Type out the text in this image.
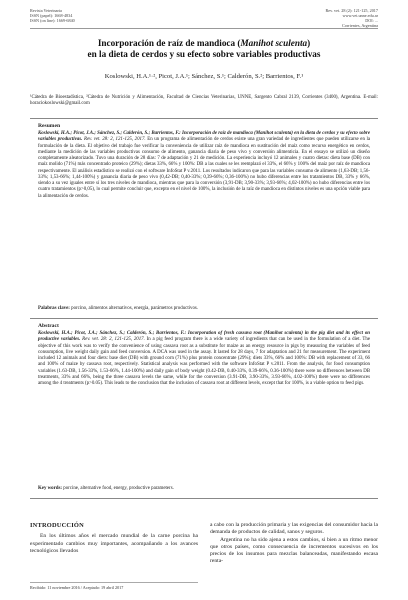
Revista Veterinaria
ISSN (papel): 1668-4834
ISSN (on line): 1669-6840
Rev. vet. 28 (2): 121-125, 2017
www.vet.unne.edu.ar
DOI: ...
Corrientes, Argentina
Incorporación de raíz de mandioca (Manihot sculenta)
en la dieta de cerdos y su efecto sobre variables productivas
Koslowski, H.A.¹·², Picot, J.A.¹; Sánchez, S.¹; Calderón, S.²; Barrientos, F.¹
¹Cátedra de Bioestadística, ²Cátedra de Nutrición y Alimentación, Facultad de Ciencias Veterinarias, UNNE, Sargento Cabral 2139, Corrientes (3400), Argentina. E-mail: horaciokoslowski@gmail.com
Resumen
Koslowski, H.A.; Picot, J.A.; Sánchez, S.; Calderón, S.; Barrientos, F.: Incorporación de raíz de mandioca (Manihot sculenta) en la dieta de cerdos y su efecto sobre variables productivas. Rev. vet. 28: 2, 121-125, 2017. En un programa de alimentación de cerdos existe una gran variedad de ingredientes que pueden utilizarse en la formulación de la dieta. El objetivo del trabajo fue verificar la conveniencia de utilizar raíz de mandioca en sustitución del maíz como recurso energético en cerdos, mediante la medición de las variables productivas consumo de alimento, ganancia diaria de peso vivo y conversión alimenticia. En el ensayo se utilizó un diseño completamente aleatorizado. Tuvo una duración de 28 días: 7 de adaptación y 21 de medición. La experiencia incluyó 12 animales y cuatro dietas: dieta base (DB) con maíz molido (71%) más concentrado proteico (29%); dietas 33%, 66% y 100%: DB a las cuales se les reemplazó el 33%, el 66% y 100% del maíz por raíz de mandioca respectivamente. El análisis estadístico se realizó con el software InfoStat P v.2011. Los resultados indicaron que para las variables consumo de alimento (1,63-DB; 1,56-33%; 1,53-66%; 1,44-100%) y ganancia diaria de peso vivo (0,42-DB; 0,40-33%; 0,39-66%; 0,36-100%) no hubo diferencias entre los tratamientos DB, 33% y 66%, siendo a su vez iguales entre sí los tres niveles de mandioca, mientras que para la conversión (3,91-DB; 3,90-33%; 3,93-66%; 4,02-100%) no hubo diferencias entre los cuatro tratamientos (p>0,05), lo cual permite concluir que, excepto en el nivel de 100%, la inclusión de la raíz de mandioca en distintos niveles es una opción viable para la alimentación de cerdos.
Palabras clave: porcino, alimentos alternativos, energía, parámetros productivos.
Abstract
Koslowski, H.A.; Picot, J.A.; Sánchez, S.; Calderón, S.; Barrientos, F.: Incorporation of fresh cassava root (Manihot sculenta) in the pig diet and its effect on productive variables. Rev. vet. 28: 2, 121-125, 2017. In a pig feed program there is a wide variety of ingredients that can be used in the formulation of a diet. The objective of this work was to verify the convenience of using cassava root as a substitute for maize as an energy resource in pigs by measuring the variables of feed consumption, live weight daily gain and feed conversion. A DCA was used in the assay. It lasted for 28 days, 7 for adaptation and 21 for measurement. The experiment included 12 animals and four diets: base diet (DB) with ground corn (71%) plus protein concentrate (29%); diets 33%, 66% and 100%: DB with replacement of 33, 66 and 100% of maize by cassava root, respectively. Statistical analysis was performed with the software InfoStat P v.2011. From the analysis, for food consumption variables (1.63-DB, 1.56-33%, 1.53-66%, 1.44-100%) and daily gain of body weight (0.42-DB, 0.40-33%, 0.39-66%, 0.36-100%) there were no differences between DB treatments, 33% and 66%, being the three cassava levels the same, while for the conversion (3.91-DB, 3.90-33%, 3.93-66%, 4.02-100%) there were no differences among the 4 treatments (p>0.05). This leads to the conclusion that the inclusion of cassava root at different levels, except that for 100%, is a viable option to feed pigs.
Key words: porcine, alternative food, energy, productive parameters.
INTRODUCCIÓN

En los últimos años el mercado mundial de la carne porcina ha experimentado cambios muy importantes, acompañando a los avances tecnológicos llevados

a cabo con la producción primaria y las exigencias del consumidor hacia la demanda de productos de calidad, sanos y seguros.

Argentina no ha sido ajena a estos cambios, si bien a un ritmo menor que otros países, como consecuencia de incrementos sucesivos en los precios de los insumos para mezclas balanceadas, manifestando escasa renta-

Recibido: 11 noviembre 2016 / Aceptado: 19 abril 2017
